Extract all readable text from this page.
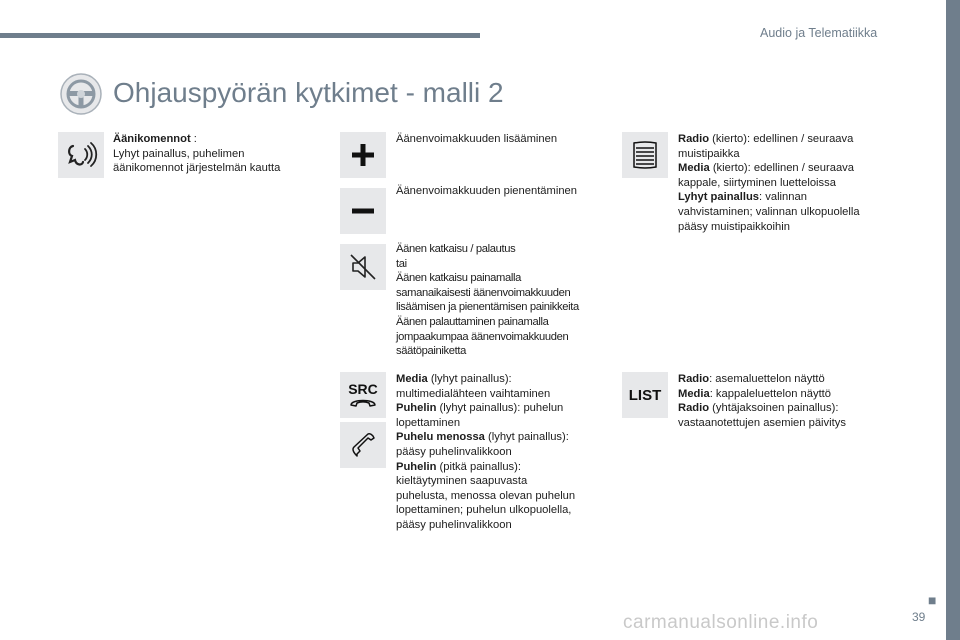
Audio ja Telematiikka
Ohjauspyörän kytkimet - malli 2
Äänikomennot :
Lyhyt painallus, puhelimen
äänikomennot järjestelmän kautta
Äänenvoimakkuuden lisääminen
Äänenvoimakkuuden pienentäminen
Äänen katkaisu / palautus
tai
Äänen katkaisu painamalla
samanaikaisesti äänenvoimakkuuden
lisäämisen ja pienentämisen painikkeita
Äänen palauttaminen painamalla
jompaakumpaa äänenvoimakkuuden
säätöpainiketta
SRC
Media (lyhyt painallus):
multimedialähteen vaihtaminen
Puhelin (lyhyt painallus): puhelun
lopettaminen
Puhelu menossa (lyhyt painallus):
pääsy puhelinvalikkoon
Puhelin (pitkä painallus):
kieltäytyminen saapuvasta
puhelusta, menossa olevan puhelun
lopettaminen; puhelun ulkopuolella,
pääsy puhelinvalikkoon
Radio (kierto): edellinen / seuraava
muistipaikka
Media (kierto): edellinen / seuraava
kappale, siirtyminen luetteloissa
Lyhyt painallus: valinnan
vahvistaminen; valinnan ulkopuolella
pääsy muistipaikkoihin
LIST
Radio: asemaluettelon näyttö
Media: kappaleluettelon näyttö
Radio (yhtäjaksoinen painallus):
vastaanotettujen asemien päivitys
■
carmanualsonline.info	39
